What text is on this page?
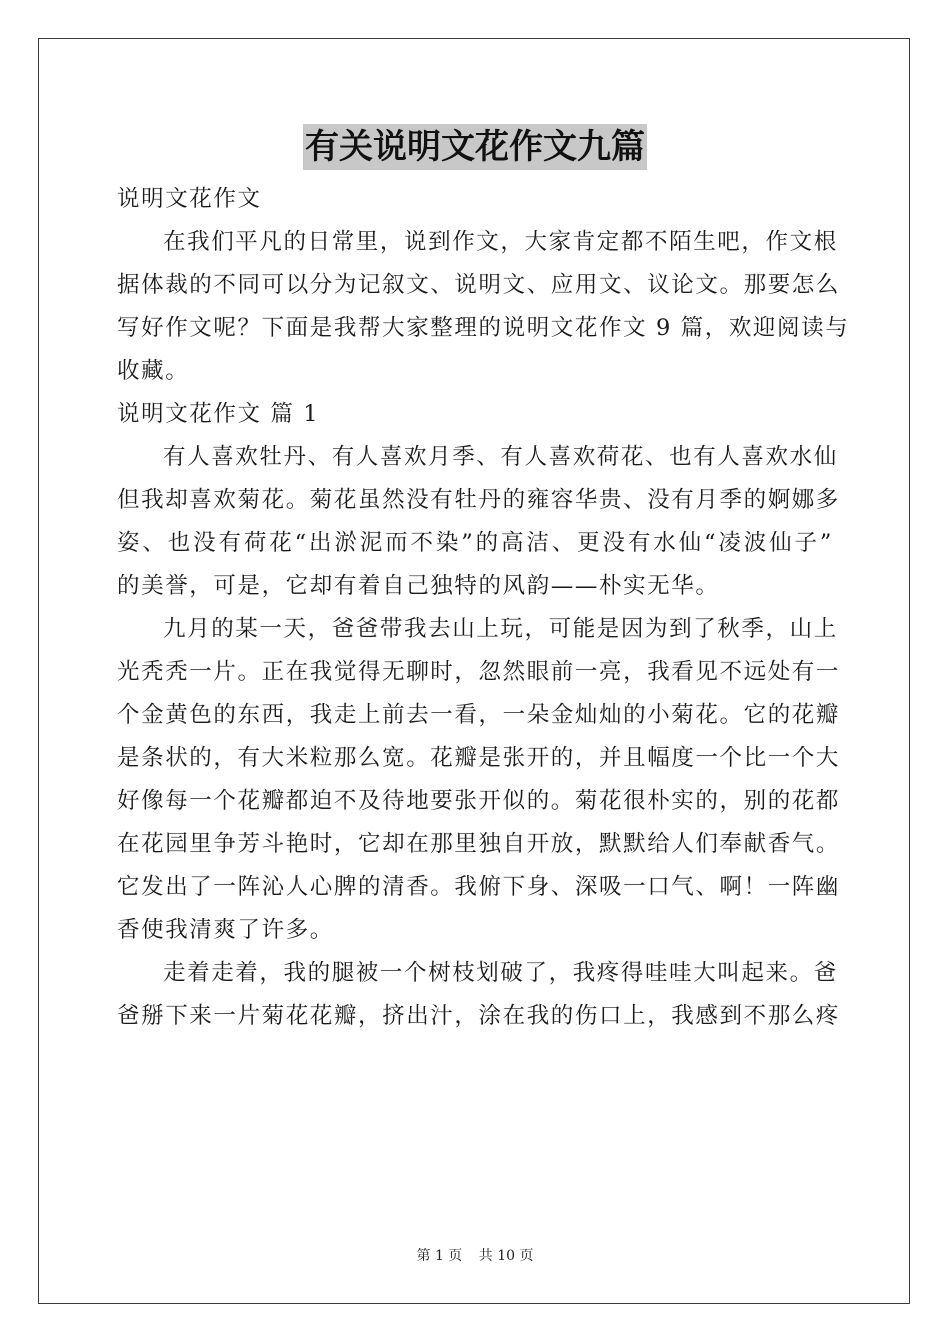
有关说明文花作文九篇
说明文花作文
在我们平凡的日常里，说到作文，大家肯定都不陌生吧，作文根
据体裁的不同可以分为记叙文、说明文、应用文、议论文。那要怎么
写好作文呢？下面是我帮大家整理的说明文花作文 9 篇，欢迎阅读与
收藏。
说明文花作文 篇 1
有人喜欢牡丹、有人喜欢月季、有人喜欢荷花、也有人喜欢水仙
但我却喜欢菊花。菊花虽然没有牡丹的雍容华贵、没有月季的婀娜多
姿、也没有荷花“出淤泥而不染”的高洁、更没有水仙“凌波仙子”
的美誉，可是，它却有着自己独特的风韵——朴实无华。
九月的某一天，爸爸带我去山上玩，可能是因为到了秋季，山上
光秃秃一片。正在我觉得无聊时，忽然眼前一亮，我看见不远处有一
个金黄色的东西，我走上前去一看，一朵金灿灿的小菊花。它的花瓣
是条状的，有大米粒那么宽。花瓣是张开的，并且幅度一个比一个大
好像每一个花瓣都迫不及待地要张开似的。菊花很朴实的，别的花都
在花园里争芳斗艳时，它却在那里独自开放，默默给人们奉献香气。
它发出了一阵沁人心脾的清香。我俯下身、深吸一口气、啊！一阵幽
香使我清爽了许多。
走着走着，我的腿被一个树枝划破了，我疼得哇哇大叫起来。爸
爸掰下来一片菊花花瓣，挤出汁，涂在我的伤口上，我感到不那么疼
第 1 页 共 10 页
